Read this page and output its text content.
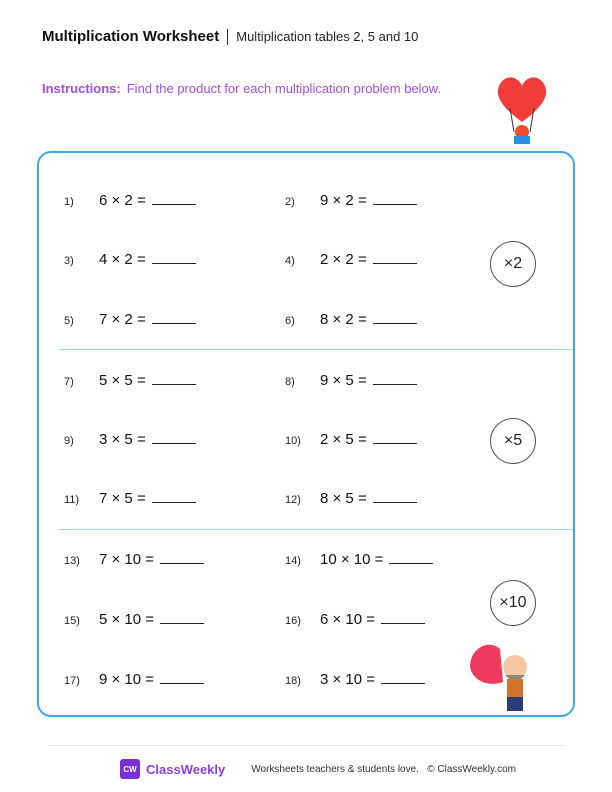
Multiplication Worksheet Multiplication tables 2, 5 and 10
Instructions: Find the product for each multiplication problem below.
×2
×5
×10
1)	6 × 2 =	2)	9 × 2 =
3)	4 × 2 =	4)	2 × 2 =
5)	7 × 2 =	6)	8 × 2 =
7)	5 × 5 =	8)	9 × 5 =
9)	3 × 5 =	10)	2 × 5 =
11)	7 × 5 =	12)	8 × 5 =
13)	7 × 10 =	14)	10 × 10 =
15)	5 × 10 =	16)	6 × 10 =
17)	9 × 10 =	18)	3 × 10 =
CW ClassWeekly	Worksheets teachers & students love.   © ClassWeekly.com
